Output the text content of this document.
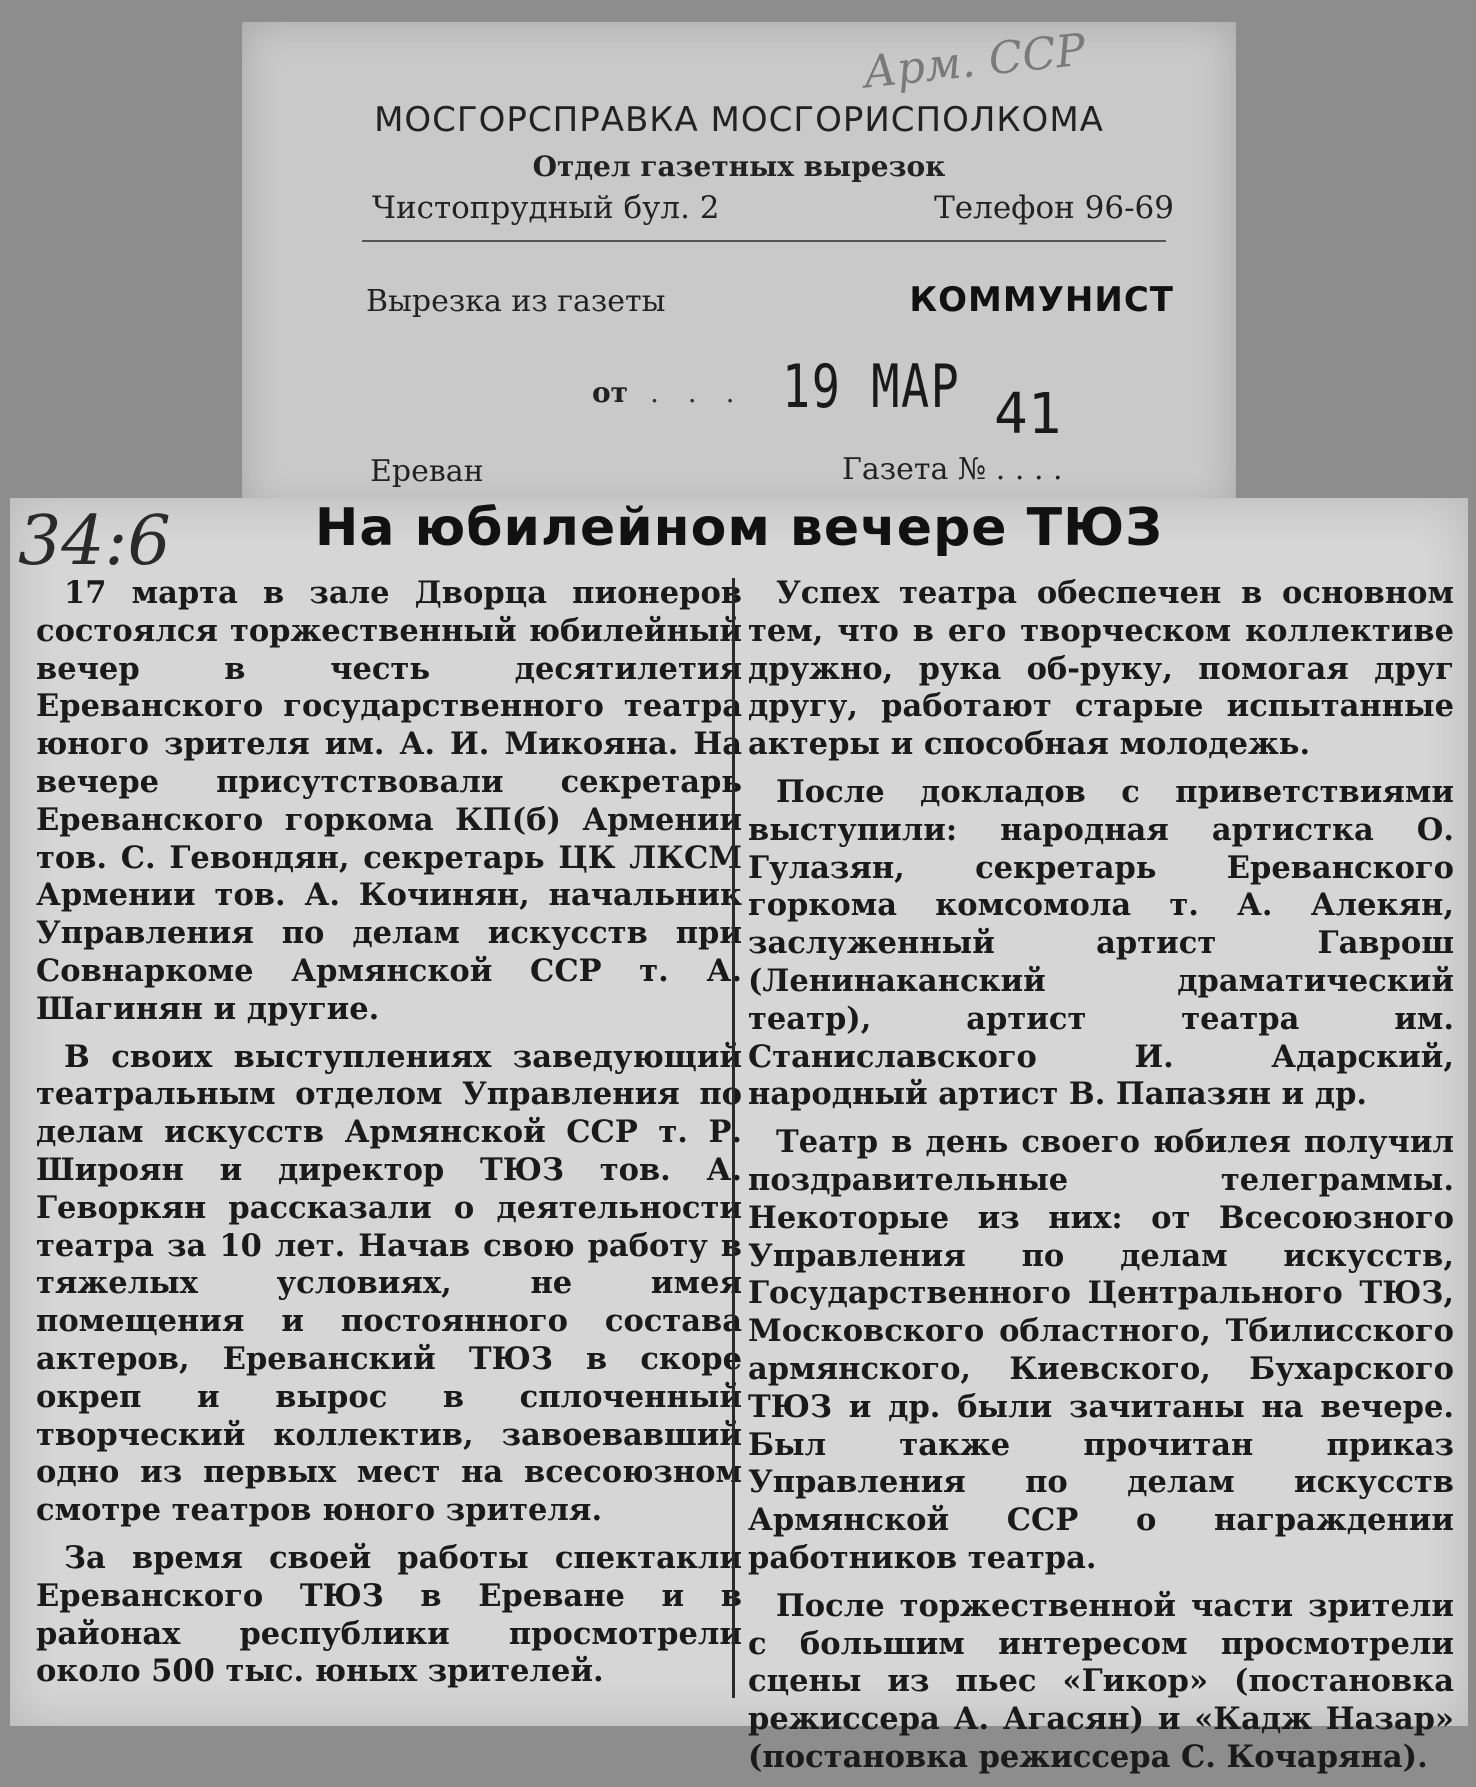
Арм. ССР
МОСГОРСПРАВКА МОСГОРИСПОЛКОМА
Отдел газетных вырезок
Чистопрудный бул. 2	Телефон 96-69
Вырезка из газеты	КОММУНИСТ
от . . . 19 МАР 41
Ереван	Газета № . . . .
34:6	На юбилейном вечере ТЮЗ

17 марта в зале Дворца пионеров состоялся торжественный юбилейный вечер в честь десятилетия Ереванского государственного театра юного зрителя им. А. И. Микояна. На вечере присутствовали секретарь Ереванского горкома КП(б) Армении тов. С. Гевондян, секретарь ЦК ЛКСМ Армении тов. А. Кочинян, начальник Управления по делам искусств при Совнаркоме Армянской ССР т. А. Шагинян и другие.

В своих выступлениях заведующий театральным отделом Управления по делам искусств Армянской ССР т. Р. Широян и директор ТЮЗ тов. А. Геворкян рассказали о деятельности театра за 10 лет. Начав свою работу в тяжелых условиях, не имея помещения и постоянного состава актеров, Ереванский ТЮЗ в скоре окреп и вырос в сплоченный творческий коллектив, завоевавший одно из первых мест на всесоюзном смотре театров юного зрителя.

За время своей работы спектакли Ереванского ТЮЗ в Ереване и в районах республики просмотрели около 500 тыс. юных зрителей.

Успех театра обеспечен в основном тем, что в его творческом коллективе дружно, рука об-руку, помогая друг другу, работают старые испытанные актеры и способная молодежь.

После докладов с приветствиями выступили: народная артистка О. Гулазян, секретарь Ереванского горкома комсомола т. А. Алекян, заслуженный артист Гаврош (Ленинаканский драматический театр), артист театра им. Станиславского И. Адарский, народный артист В. Папазян и др.

Театр в день своего юбилея получил поздравительные телеграммы. Некоторые из них: от Всесоюзного Управления по делам искусств, Государственного Центрального ТЮЗ, Московского областного, Тбилисского армянского, Киевского, Бухарского ТЮЗ и др. были зачитаны на вечере. Был также прочитан приказ Управления по делам искусств Армянской ССР о награждении работников театра.

После торжественной части зрители с большим интересом просмотрели сцены из пьес «Гикор» (постановка режиссера А. Агасян) и «Кадж Назар» (постановка режиссера С. Кочаряна).
